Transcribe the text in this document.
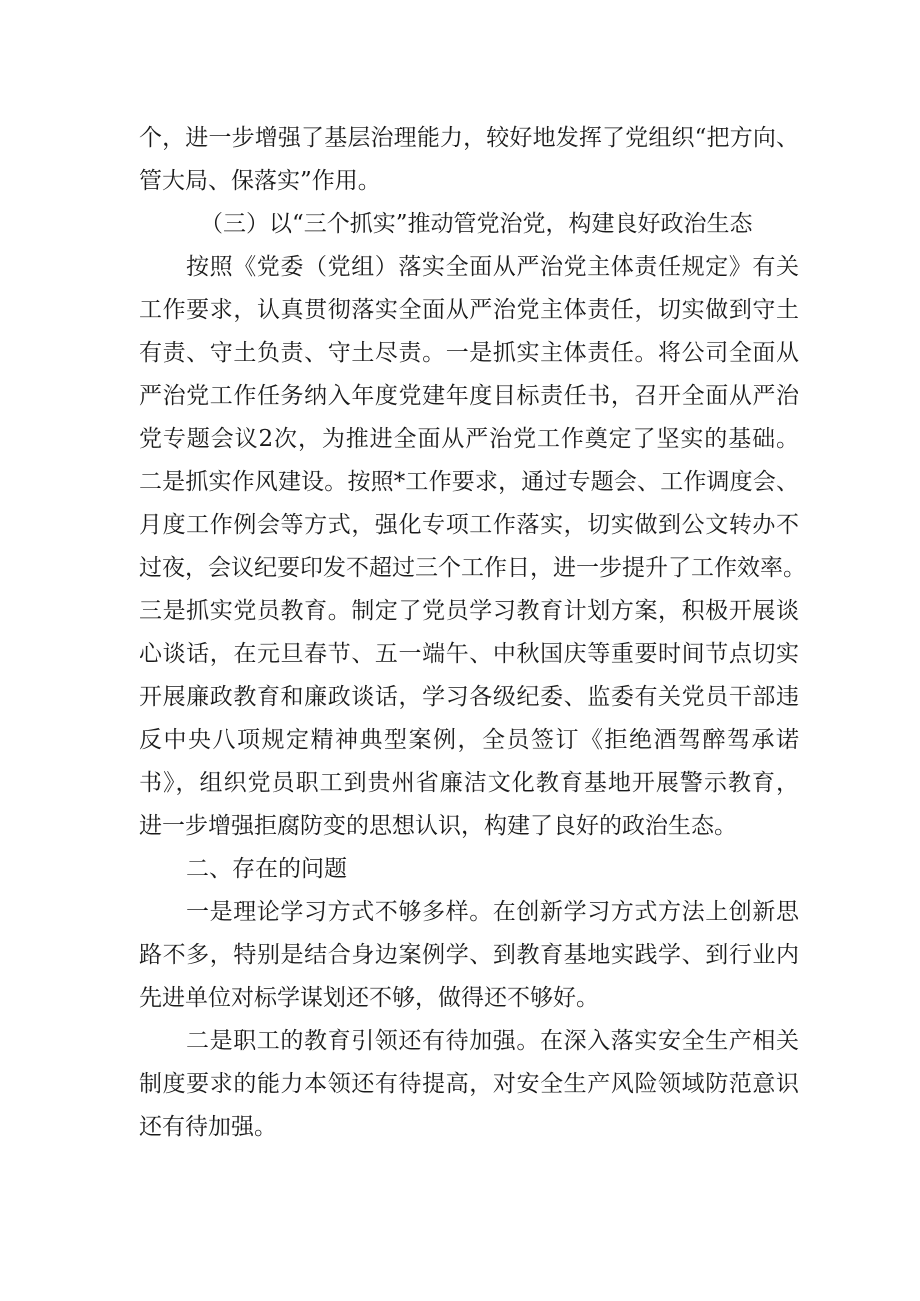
个，进一步增强了基层治理能力，较好地发挥了党组织“把方向、
管大局、保落实”作用。
（三）以“三个抓实”推动管党治党，构建良好政治生态
按照《党委（党组）落实全面从严治党主体责任规定》有关
工作要求，认真贯彻落实全面从严治党主体责任，切实做到守土
有责、守土负责、守土尽责。一是抓实主体责任。将公司全面从
严治党工作任务纳入年度党建年度目标责任书，召开全面从严治
党专题会议2次，为推进全面从严治党工作奠定了坚实的基础。
二是抓实作风建设。按照*工作要求，通过专题会、工作调度会、
月度工作例会等方式，强化专项工作落实，切实做到公文转办不
过夜，会议纪要印发不超过三个工作日，进一步提升了工作效率。
三是抓实党员教育。制定了党员学习教育计划方案，积极开展谈
心谈话，在元旦春节、五一端午、中秋国庆等重要时间节点切实
开展廉政教育和廉政谈话，学习各级纪委、监委有关党员干部违
反中央八项规定精神典型案例，全员签订《拒绝酒驾醉驾承诺
书》，组织党员职工到贵州省廉洁文化教育基地开展警示教育，
进一步增强拒腐防变的思想认识，构建了良好的政治生态。
二、存在的问题
一是理论学习方式不够多样。在创新学习方式方法上创新思
路不多，特别是结合身边案例学、到教育基地实践学、到行业内
先进单位对标学谋划还不够，做得还不够好。
二是职工的教育引领还有待加强。在深入落实安全生产相关
制度要求的能力本领还有待提高，对安全生产风险领域防范意识
还有待加强。
